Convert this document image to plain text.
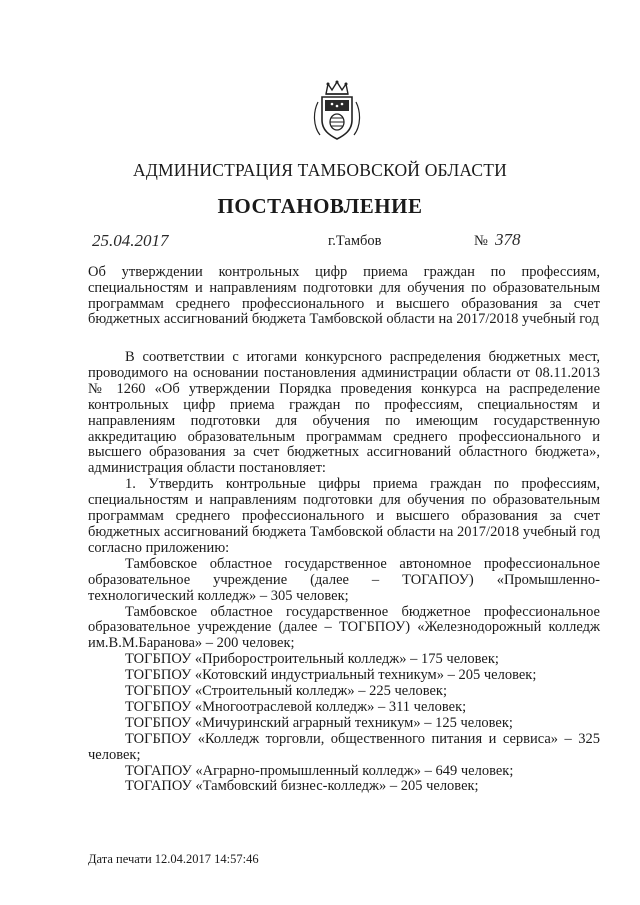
АДМИНИСТРАЦИЯ ТАМБОВСКОЙ ОБЛАСТИ
ПОСТАНОВЛЕНИЕ
25.04.2017	г.Тамбов	№ 378
Об утверждении контрольных цифр приема граждан по профессиям, специальностям и направлениям подготовки для обучения по образовательным программам среднего профессионального и высшего образования за счет бюджетных ассигнований бюджета Тамбовской области на 2017/2018 учебный год

В соответствии с итогами конкурсного распределения бюджетных мест, проводимого на основании постановления администрации области от 08.11.2013 № 1260 «Об утверждении Порядка проведения конкурса на распределение контрольных цифр приема граждан по профессиям, специальностям и направлениям подготовки для обучения по имеющим государственную аккредитацию образовательным программам среднего профессионального и высшего образования за счет бюджетных ассигнований областного бюджета», администрация области постановляет:

1. Утвердить контрольные цифры приема граждан по профессиям, специальностям и направлениям подготовки для обучения по образовательным программам среднего профессионального и высшего образования за счет бюджетных ассигнований бюджета Тамбовской области на 2017/2018 учебный год согласно приложению:

Тамбовское областное государственное автономное профессиональное образовательное учреждение (далее – ТОГАПОУ) «Промышленно-технологический колледж» – 305 человек;

Тамбовское областное государственное бюджетное профессиональное образовательное учреждение (далее – ТОГБПОУ) «Железнодорожный колледж им.В.М.Баранова» – 200 человек;

ТОГБПОУ «Приборостроительный колледж» – 175 человек;

ТОГБПОУ «Котовский индустриальный техникум» – 205 человек;

ТОГБПОУ «Строительный колледж» – 225 человек;

ТОГБПОУ «Многоотраслевой колледж» – 311 человек;

ТОГБПОУ «Мичуринский аграрный техникум» – 125 человек;

ТОГБПОУ «Колледж торговли, общественного питания и сервиса» – 325 человек;

ТОГАПОУ «Аграрно-промышленный колледж» – 649 человек;

ТОГАПОУ «Тамбовский бизнес-колледж» – 205 человек;

Дата печати 12.04.2017 14:57:46
